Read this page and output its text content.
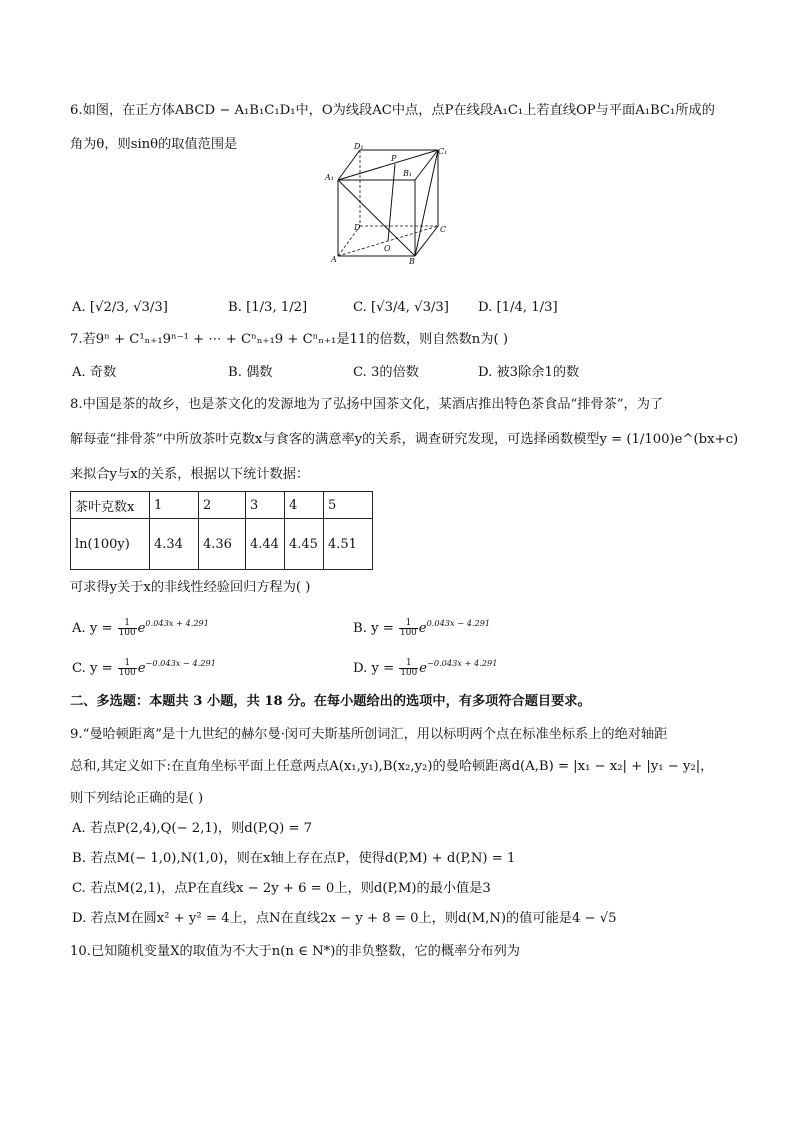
6.如图，在正方体ABCD − A₁B₁C₁D₁中，O为线段AC中点，点P在线段A₁C₁上若直线OP与平面A₁BC₁所成的
角为θ，则sinθ的取值范围是	D₁
C₁
P
B₁
A₁
D	C
O
A	B
A. [√2/3, √3/3]	B. [1/3, 1/2]	C. [√3/4, √3/3] D. [1/4, 1/3]
7.若9ⁿ + C¹ₙ₊₁9ⁿ⁻¹ + ⋯ + Cⁿₙ₊₁9 + Cⁿₙ₊₁是11的倍数，则自然数n为( )
A. 奇数	B. 偶数	C. 3的倍数	D. 被3除余1的数
8.中国是茶的故乡，也是茶文化的发源地为了弘扬中国茶文化，某酒店推出特色茶食品“排骨茶”，为了
解每壶“排骨茶”中所放茶叶克数x与食客的满意率y的关系，调查研究发现，可选择函数模型y = (1/100)e^(bx+c)
来拟合y与x的关系，根据以下统计数据：
茶叶克数x	1	2	3	4	5
ln(100y)	4.34	4.36	4.44	4.45	4.51
可求得y关于x的非线性经验回归方程为( )
A. $y = \frac{1}{100} e^{0.043x + 4.291}$	B. $y = \frac{1}{100} e^{0.043x - 4.291}$
C. $y = \frac{1}{100} e^{-0.043x - 4.291}$	D. $y = \frac{1}{100} e^{-0.043x + 4.291}$
二、多选题：本题共 3 小题，共 18 分。在每小题给出的选项中，有多项符合题目要求。
9.“曼哈顿距离”是十九世纪的赫尔曼·闵可夫斯基所创词汇，用以标明两个点在标准坐标系上的绝对轴距
总和,其定义如下:在直角坐标平面上任意两点A(x₁,y₁),B(x₂,y₂)的曼哈顿距离d(A,B) = |x₁ − x₂| + |y₁ − y₂|，
则下列结论正确的是( )
A. 若点P(2,4),Q(− 2,1)，则d(P,Q) = 7
B. 若点M(− 1,0),N(1,0)，则在x轴上存在点P，使得d(P,M) + d(P,N) = 1
C. 若点M(2,1)，点P在直线x − 2y + 6 = 0上，则d(P,M)的最小值是3
D. 若点M在圆x² + y² = 4上，点N在直线2x − y + 8 = 0上，则d(M,N)的值可能是4 − √5
10.已知随机变量X的取值为不大于n(n ∈ N*)的非负整数，它的概率分布列为
